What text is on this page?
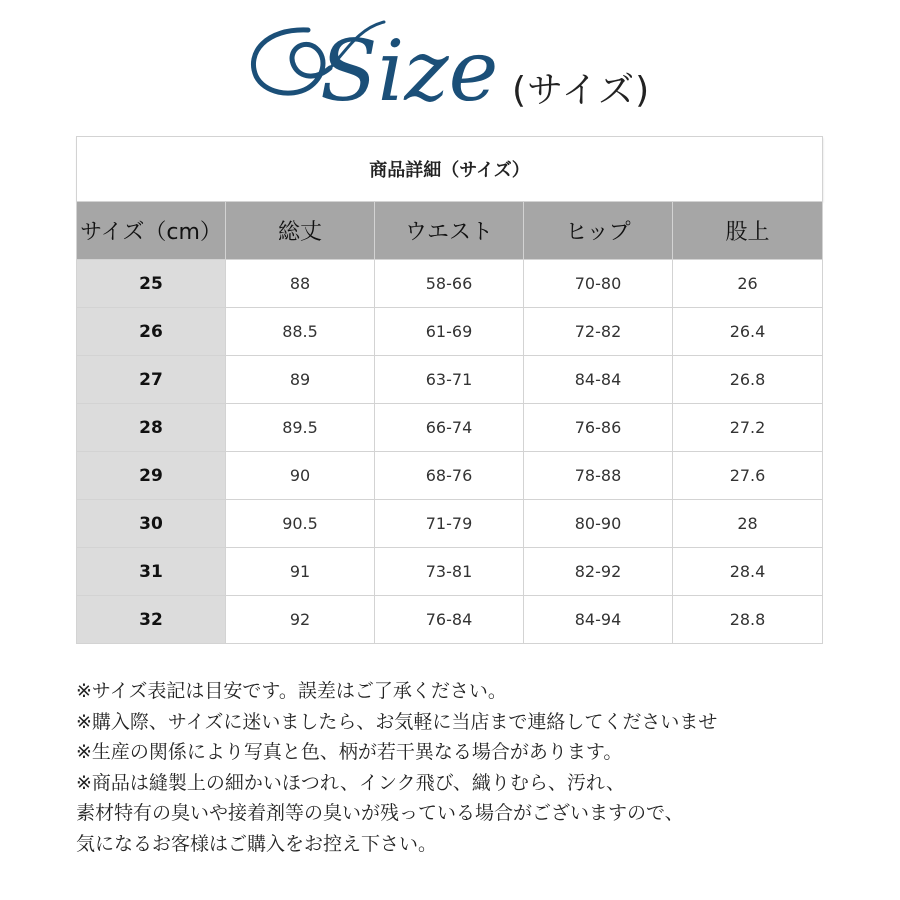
Size (サイズ)
商品詳細（サイズ）				
サイズ（cm）	総丈	ウエスト	ヒップ	股上
25	88	58-66	70-80	26
26	88.5	61-69	72-82	26.4
27	89	63-71	84-84	26.8
28	89.5	66-74	76-86	27.2
29	90	68-76	78-88	27.6
30	90.5	71-79	80-90	28
31	91	73-81	82-92	28.4
32	92	76-84	84-94	28.8
※サイズ表記は目安です。誤差はご了承ください。
※購入際、サイズに迷いましたら、お気軽に当店まで連絡してくださいませ
※生産の関係により写真と色、柄が若干異なる場合があります。
※商品は縫製上の細かいほつれ、インク飛び、織りむら、汚れ、
素材特有の臭いや接着剤等の臭いが残っている場合がございますので、
気になるお客様はご購入をお控え下さい。
